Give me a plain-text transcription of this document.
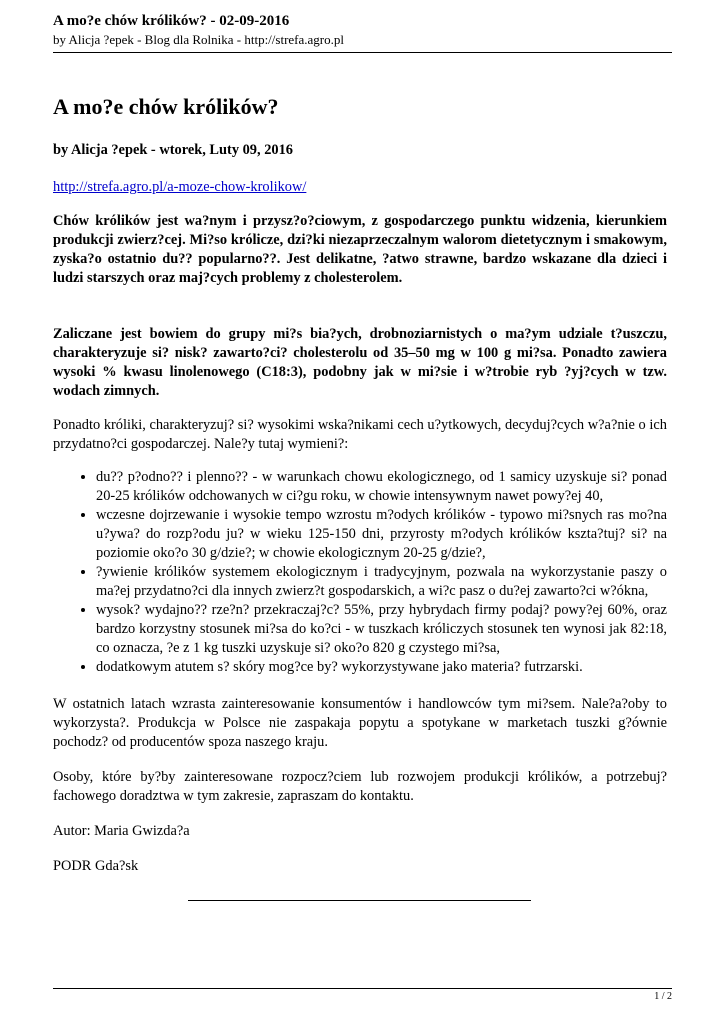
A mo?e chów królików? - 02-09-2016
by Alicja ?epek - Blog dla Rolnika - http://strefa.agro.pl
A mo?e chów królików?
by Alicja ?epek - wtorek, Luty 09, 2016
http://strefa.agro.pl/a-moze-chow-krolikow/

Chów królików jest wa?nym i przysz?o?ciowym, z gospodarczego punktu widzenia, kierunkiem produkcji zwierz?cej. Mi?so królicze, dzi?ki niezaprzeczalnym walorom dietetycznym i smakowym, zyska?o ostatnio du?? popularno??. Jest delikatne, ?atwo strawne, bardzo wskazane dla dzieci i ludzi starszych oraz maj?cych problemy z cholesterolem.

Zaliczane jest bowiem do grupy mi?s bia?ych, drobnoziarnistych o ma?ym udziale t?uszczu, charakteryzuje si? nisk? zawarto?ci? cholesterolu od 35–50 mg w 100 g mi?sa. Ponadto zawiera wysoki % kwasu linolenowego (C18:3), podobny jak w mi?sie i w?trobie ryb ?yj?cych w tzw. wodach zimnych.

Ponadto króliki, charakteryzuj? si? wysokimi wska?nikami cech u?ytkowych, decyduj?cych w?a?nie o ich przydatno?ci gospodarczej. Nale?y tutaj wymieni?:

• du?? p?odno?? i plenno?? - w warunkach chowu ekologicznego, od 1 samicy uzyskuje si? ponad 20-25 królików odchowanych w ci?gu roku, w chowie intensywnym nawet powy?ej 40,
• wczesne dojrzewanie i wysokie tempo wzrostu m?odych królików - typowo mi?snych ras mo?na u?ywa? do rozp?odu ju? w wieku 125-150 dni, przyrosty m?odych królików kszta?tuj? si? na poziomie oko?o 30 g/dzie?; w chowie ekologicznym 20-25 g/dzie?,
• ?ywienie królików systemem ekologicznym i tradycyjnym, pozwala na wykorzystanie paszy o ma?ej przydatno?ci dla innych zwierz?t gospodarskich, a wi?c pasz o du?ej zawarto?ci w?ókna,
• wysok? wydajno?? rze?n? przekraczaj?c? 55%, przy hybrydach firmy podaj? powy?ej 60%, oraz bardzo korzystny stosunek mi?sa do ko?ci - w tuszkach króliczych stosunek ten wynosi jak 82:18, co oznacza, ?e z 1 kg tuszki uzyskuje si? oko?o 820 g czystego mi?sa,
• dodatkowym atutem s? skóry mog?ce by? wykorzystywane jako materia? futrzarski.

W ostatnich latach wzrasta zainteresowanie konsumentów i handlowców tym mi?sem. Nale?a?oby to wykorzysta?. Produkcja w Polsce nie zaspakaja popytu a spotykane w marketach tuszki g?ównie pochodz? od producentów spoza naszego kraju.

Osoby, które by?by zainteresowane rozpocz?ciem lub rozwojem produkcji królików, a potrzebuj? fachowego doradztwa w tym zakresie, zapraszam do kontaktu.

Autor: Maria Gwizda?a

PODR Gda?sk

1 / 2
